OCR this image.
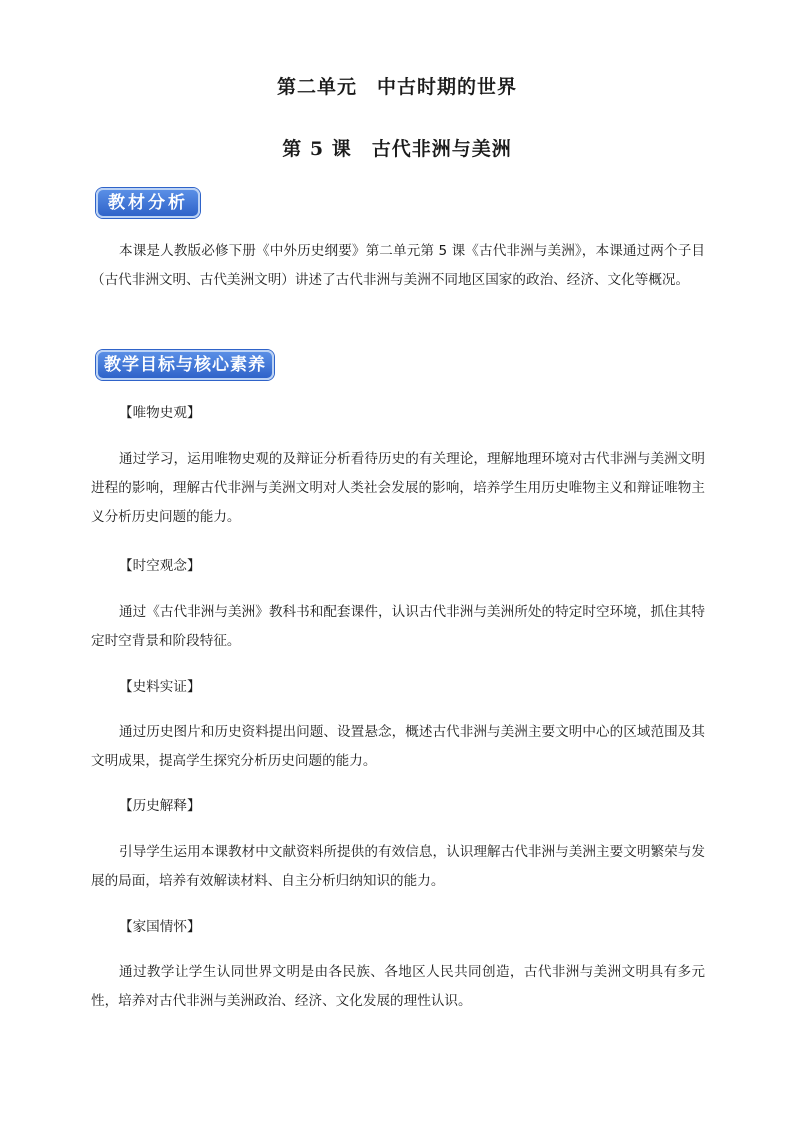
第二单元　中古时期的世界
第 5 课　古代非洲与美洲
教材分析

本课是人教版必修下册《中外历史纲要》第二单元第 5 课《古代非洲与美洲》，本课通过两个子目（古代非洲文明、古代美洲文明）讲述了古代非洲与美洲不同地区国家的政治、经济、文化等概况。

教学目标与核心素养

【唯物史观】

通过学习，运用唯物史观的及辩证分析看待历史的有关理论，理解地理环境对古代非洲与美洲文明进程的影响，理解古代非洲与美洲文明对人类社会发展的影响，培养学生用历史唯物主义和辩证唯物主义分析历史问题的能力。

【时空观念】

通过《古代非洲与美洲》教科书和配套课件，认识古代非洲与美洲所处的特定时空环境，抓住其特定时空背景和阶段特征。

【史料实证】

通过历史图片和历史资料提出问题、设置悬念，概述古代非洲与美洲主要文明中心的区域范围及其文明成果，提高学生探究分析历史问题的能力。

【历史解释】

引导学生运用本课教材中文献资料所提供的有效信息，认识理解古代非洲与美洲主要文明繁荣与发展的局面，培养有效解读材料、自主分析归纳知识的能力。

【家国情怀】

通过教学让学生认同世界文明是由各民族、各地区人民共同创造，古代非洲与美洲文明具有多元性，培养对古代非洲与美洲政治、经济、文化发展的理性认识。
